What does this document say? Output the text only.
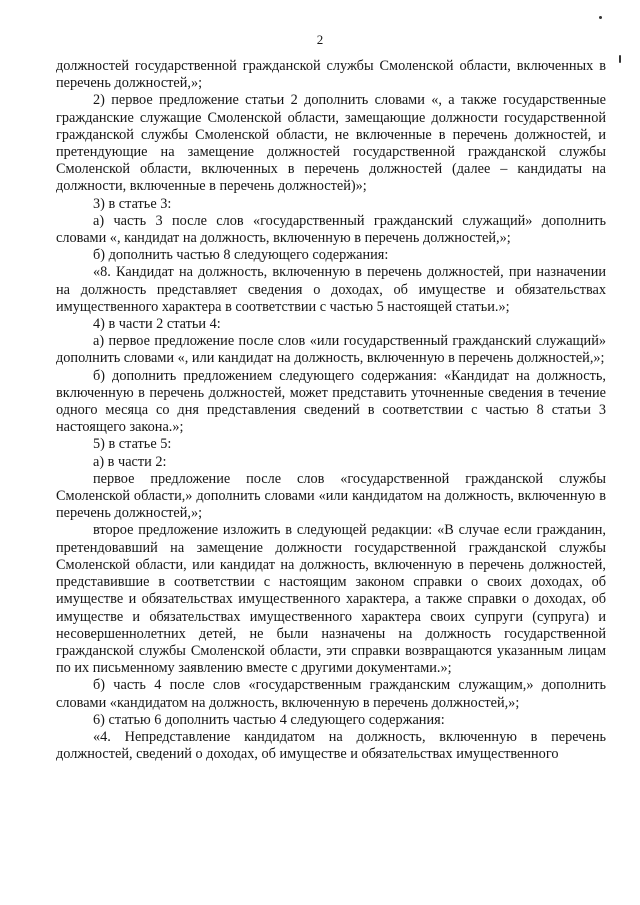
2

должностей государственной гражданской службы Смоленской области, включенных в перечень должностей,»;

2) первое предложение статьи 2 дополнить словами «, а также государственные гражданские служащие Смоленской области, замещающие должности государственной гражданской службы Смоленской области, не включенные в перечень должностей, и претендующие на замещение должностей государственной гражданской службы Смоленской области, включенных в перечень должностей (далее – кандидаты на должности, включенные в перечень должностей)»;

3) в статье 3:

а) часть 3 после слов «государственный гражданский служащий» дополнить словами «, кандидат на должность, включенную в перечень должностей,»;

б) дополнить частью 8 следующего содержания:

«8. Кандидат на должность, включенную в перечень должностей, при назначении на должность представляет сведения о доходах, об имуществе и обязательствах имущественного характера в соответствии с частью 5 настоящей статьи.»;

4) в части 2 статьи 4:

а) первое предложение после слов «или государственный гражданский служащий» дополнить словами «, или кандидат на должность, включенную в перечень должностей,»;

б) дополнить предложением следующего содержания: «Кандидат на должность, включенную в перечень должностей, может представить уточненные сведения в течение одного месяца со дня представления сведений в соответствии с частью 8 статьи 3 настоящего закона.»;

5) в статье 5:

а) в части 2:

первое предложение после слов «государственной гражданской службы Смоленской области,» дополнить словами «или кандидатом на должность, включенную в перечень должностей,»;

второе предложение изложить в следующей редакции: «В случае если гражданин, претендовавший на замещение должности государственной гражданской службы Смоленской области, или кандидат на должность, включенную в перечень должностей, представившие в соответствии с настоящим законом справки о своих доходах, об имуществе и обязательствах имущественного характера, а также справки о доходах, об имуществе и обязательствах имущественного характера своих супруги (супруга) и несовершеннолетних детей, не были назначены на должность государственной гражданской службы Смоленской области, эти справки возвращаются указанным лицам по их письменному заявлению вместе с другими документами.»;

б) часть 4 после слов «государственным гражданским служащим,» дополнить словами «кандидатом на должность, включенную в перечень должностей,»;

6) статью 6 дополнить частью 4 следующего содержания:

«4. Непредставление кандидатом на должность, включенную в перечень должностей, сведений о доходах, об имуществе и обязательствах имущественного
